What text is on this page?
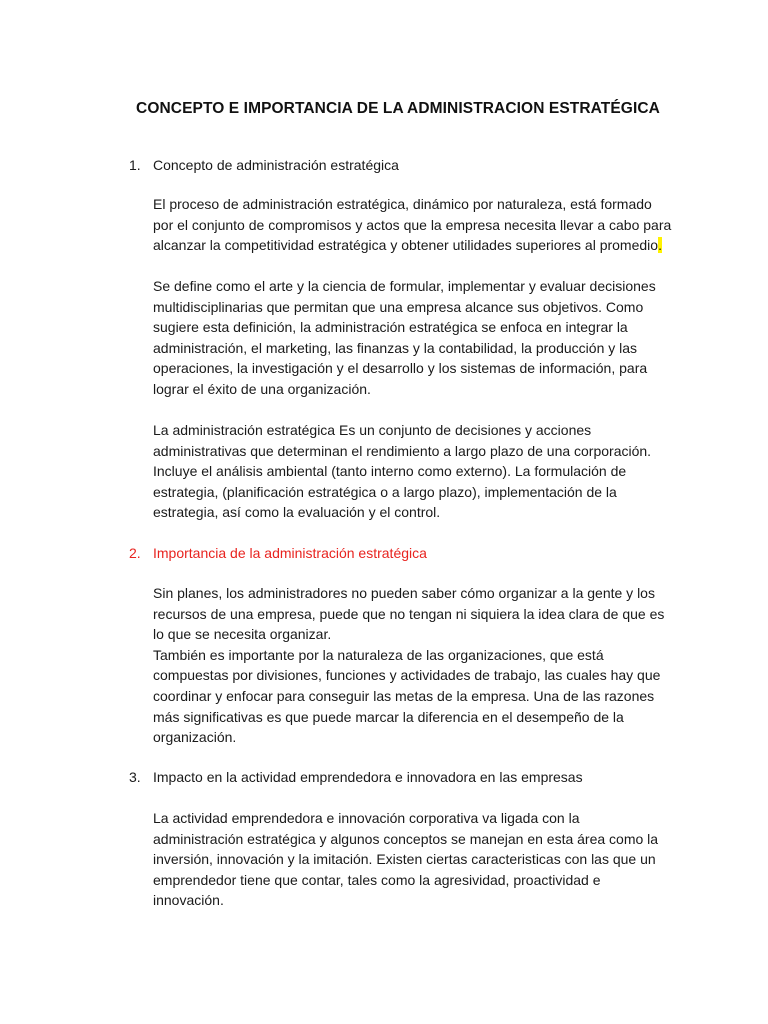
CONCEPTO E IMPORTANCIA DE LA ADMINISTRACION ESTRATÉGICA
1. Concepto de administración estratégica
El proceso de administración estratégica, dinámico por naturaleza, está formado
por el conjunto de compromisos y actos que la empresa necesita llevar a cabo para
alcanzar la competitividad estratégica y obtener utilidades superiores al promedio.
Se define como el arte y la ciencia de formular, implementar y evaluar decisiones
multidisciplinarias que permitan que una empresa alcance sus objetivos. Como
sugiere esta definición, la administración estratégica se enfoca en integrar la
administración, el marketing, las finanzas y la contabilidad, la producción y las
operaciones, la investigación y el desarrollo y los sistemas de información, para
lograr el éxito de una organización.
La administración estratégica Es un conjunto de decisiones y acciones
administrativas que determinan el rendimiento a largo plazo de una corporación.
Incluye el análisis ambiental (tanto interno como externo). La formulación de
estrategia, (planificación estratégica o a largo plazo), implementación de la
estrategia, así como la evaluación y el control.
2. Importancia de la administración estratégica
Sin planes, los administradores no pueden saber cómo organizar a la gente y los
recursos de una empresa, puede que no tengan ni siquiera la idea clara de que es
lo que se necesita organizar.
También es importante por la naturaleza de las organizaciones, que está
compuestas por divisiones, funciones y actividades de trabajo, las cuales hay que
coordinar y enfocar para conseguir las metas de la empresa. Una de las razones
más significativas es que puede marcar la diferencia en el desempeño de la
organización.
3. Impacto en la actividad emprendedora e innovadora en las empresas
La actividad emprendedora e innovación corporativa va ligada con la
administración estratégica y algunos conceptos se manejan en esta área como la
inversión, innovación y la imitación. Existen ciertas caracteristicas con las que un
emprendedor tiene que contar, tales como la agresividad, proactividad e
innovación.
